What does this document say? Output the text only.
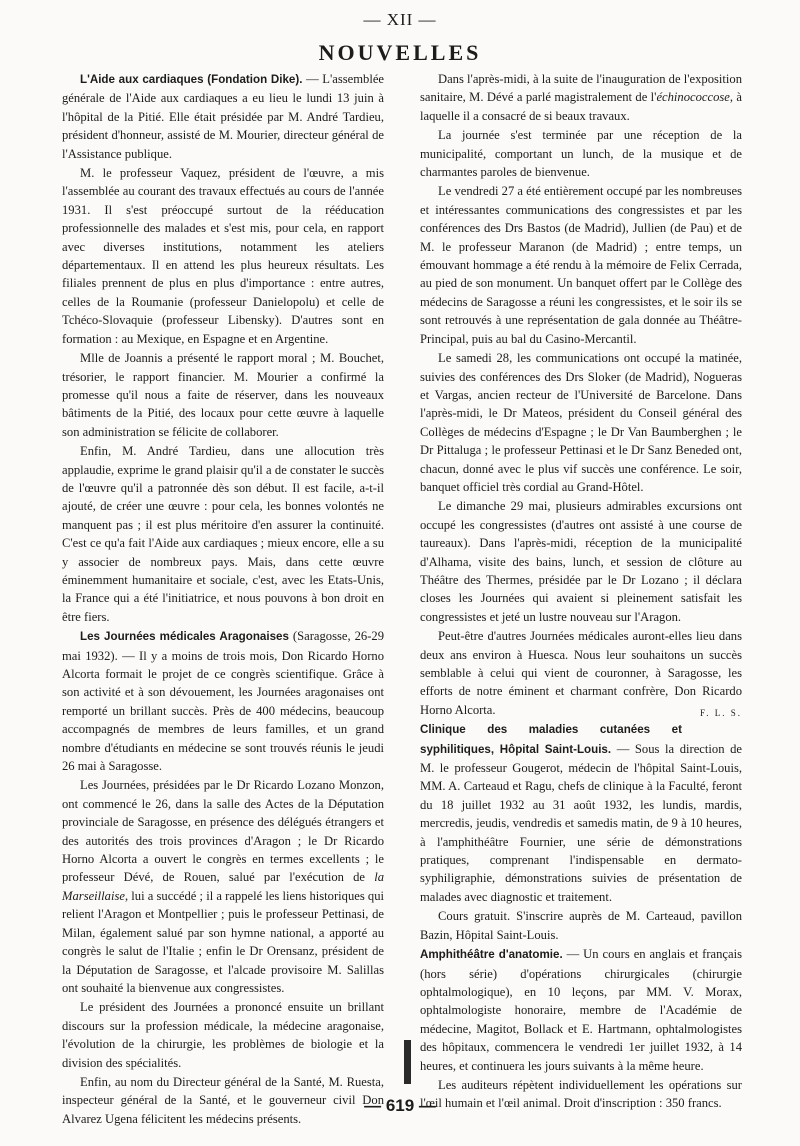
— XII —
NOUVELLES

L'Aide aux cardiaques (Fondation Dike). — L'assemblée générale de l'Aide aux cardiaques a eu lieu le lundi 13 juin à l'hôpital de la Pitié. Elle était présidée par M. André Tardieu, président d'honneur, assisté de M. Mourier, directeur général de l'Assistance publique.

M. le professeur Vaquez, président de l'œuvre, a mis l'assemblée au courant des travaux effectués au cours de l'année 1931. Il s'est préoccupé surtout de la rééducation professionnelle des malades et s'est mis, pour cela, en rapport avec diverses institutions, notamment les ateliers départementaux. Il en attend les plus heureux résultats. Les filiales prennent de plus en plus d'importance : entre autres, celles de la Roumanie (professeur Danielopolu) et celle de Tchéco-Slovaquie (professeur Libensky). D'autres sont en formation : au Mexique, en Espagne et en Argentine.

Mlle de Joannis a présenté le rapport moral ; M. Bouchet, trésorier, le rapport financier. M. Mourier a confirmé la promesse qu'il nous a faite de réserver, dans les nouveaux bâtiments de la Pitié, des locaux pour cette œuvre à laquelle son administration se félicite de collaborer.

Enfin, M. André Tardieu, dans une allocution très applaudie, exprime le grand plaisir qu'il a de constater le succès de l'œuvre qu'il a patronnée dès son début. Il est facile, a-t-il ajouté, de créer une œuvre : pour cela, les bonnes volontés ne manquent pas ; il est plus méritoire d'en assurer la continuité. C'est ce qu'a fait l'Aide aux cardiaques ; mieux encore, elle a su y associer de nombreux pays. Mais, dans cette œuvre éminemment humanitaire et sociale, c'est, avec les Etats-Unis, la France qui a été l'initiatrice, et nous pouvons à bon droit en être fiers.

Les Journées médicales Aragonaises (Saragosse, 26-29 mai 1932). — Il y a moins de trois mois, Don Ricardo Horno Alcorta formait le projet de ce congrès scientifique. Grâce à son activité et à son dévouement, les Journées aragonaises ont remporté un brillant succès. Près de 400 médecins, beaucoup accompagnés de membres de leurs familles, et un grand nombre d'étudiants en médecine se sont trouvés réunis le jeudi 26 mai à Saragosse.

Les Journées, présidées par le Dr Ricardo Lozano Monzon, ont commencé le 26, dans la salle des Actes de la Députation provinciale de Saragosse, en présence des délégués étrangers et des autorités des trois provinces d'Aragon ; le Dr Ricardo Horno Alcorta a ouvert le congrès en termes excellents ; le professeur Dévé, de Rouen, salué par l'exécution de la Marseillaise, lui a succédé ; il a rappelé les liens historiques qui relient l'Aragon et Montpellier ; puis le professeur Pettinasi, de Milan, également salué par son hymne national, a apporté au congrès le salut de l'Italie ; enfin le Dr Orensanz, président de la Députation de Saragosse, et l'alcade provisoire M. Salillas ont souhaité la bienvenue aux congressistes.

Le président des Journées a prononcé ensuite un brillant discours sur la profession médicale, la médecine aragonaise, l'évolution de la chirurgie, les problèmes de biologie et la division des spécialités.

Enfin, au nom du Directeur général de la Santé, M. Ruesta, inspecteur général de la Santé, et le gouverneur civil Don Alvarez Ugena félicitent les médecins présents.

Dans l'après-midi, à la suite de l'inauguration de l'exposition sanitaire, M. Dévé a parlé magistralement de l'échinococcose, à laquelle il a consacré de si beaux travaux.

La journée s'est terminée par une réception de la municipalité, comportant un lunch, de la musique et de charmantes paroles de bienvenue.

Le vendredi 27 a été entièrement occupé par les nombreuses et intéressantes communications des congressistes et par les conférences des Drs Bastos (de Madrid), Jullien (de Pau) et de M. le professeur Maranon (de Madrid) ; entre temps, un émouvant hommage a été rendu à la mémoire de Felix Cerrada, au pied de son monument. Un banquet offert par le Collège des médecins de Saragosse a réuni les congressistes, et le soir ils se sont retrouvés à une représentation de gala donnée au Théâtre-Principal, puis au bal du Casino-Mercantil.

Le samedi 28, les communications ont occupé la matinée, suivies des conférences des Drs Sloker (de Madrid), Nogueras et Vargas, ancien recteur de l'Université de Barcelone. Dans l'après-midi, le Dr Mateos, président du Conseil général des Collèges de médecins d'Espagne ; le Dr Van Baumberghen ; le Dr Pittaluga ; le professeur Pettinasi et le Dr Sanz Beneded ont, chacun, donné avec le plus vif succès une conférence. Le soir, banquet officiel très cordial au Grand-Hôtel.

Le dimanche 29 mai, plusieurs admirables excursions ont occupé les congressistes (d'autres ont assisté à une course de taureaux). Dans l'après-midi, réception de la municipalité d'Alhama, visite des bains, lunch, et session de clôture au Théâtre des Thermes, présidée par le Dr Lozano ; il déclara closes les Journées qui avaient si pleinement satisfait les congressistes et jeté un lustre nouveau sur l'Aragon.

Peut-être d'autres Journées médicales auront-elles lieu dans deux ans environ à Huesca. Nous leur souhaitons un succès semblable à celui qui vient de couronner, à Saragosse, les efforts de notre éminent et charmant confrère, Don Ricardo Horno Alcorta.	F. L. S.

Clinique des maladies cutanées et syphilitiques, Hôpital Saint-Louis. — Sous la direction de M. le professeur Gougerot, médecin de l'hôpital Saint-Louis, MM. A. Carteaud et Ragu, chefs de clinique à la Faculté, feront du 18 juillet 1932 au 31 août 1932, les lundis, mardis, mercredis, jeudis, vendredis et samedis matin, de 9 à 10 heures, à l'amphithéâtre Fournier, une série de démonstrations pratiques, comprenant l'indispensable en dermato-syphiligraphie, démonstrations suivies de présentation de malades avec diagnostic et traitement.

Cours gratuit. S'inscrire auprès de M. Carteaud, pavillon Bazin, Hôpital Saint-Louis.

Amphithéâtre d'anatomie. — Un cours en anglais et français (hors série) d'opérations chirurgicales (chirurgie ophtalmologique), en 10 leçons, par MM. V. Morax, ophtalmologiste honoraire, membre de l'Académie de médecine, Magitot, Bollack et E. Hartmann, ophtalmologistes des hôpitaux, commencera le vendredi 1er juillet 1932, à 14 heures, et continuera les jours suivants à la même heure.

Les auditeurs répètent individuellement les opérations sur l'œil humain et l'œil animal. Droit d'inscription : 350 francs.

— 619 —
